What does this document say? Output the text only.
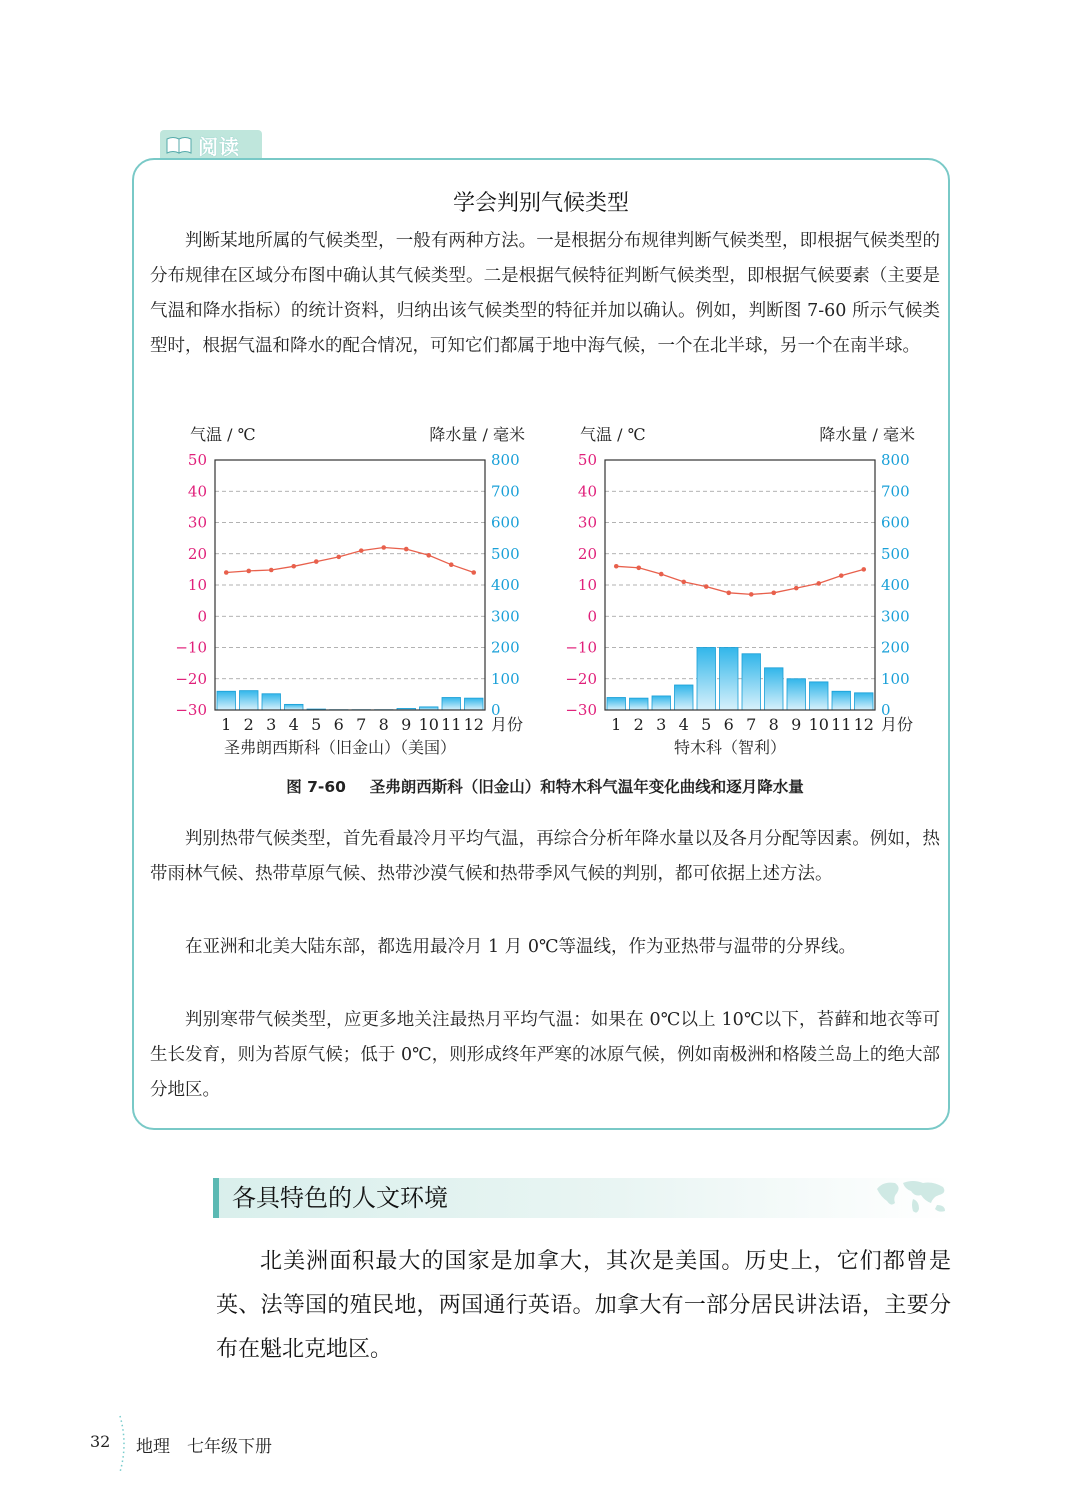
阅读
学会判别气候类型

判断某地所属的气候类型，一般有两种方法。一是根据分布规律判断气候类型，即根据气候类型的分布规律在区域分布图中确认其气候类型。二是根据气候特征判断气候类型，即根据气候要素（主要是气温和降水指标）的统计资料，归纳出该气候类型的特征并加以确认。例如，判断图 7-60 所示气候类型时，根据气温和降水的配合情况，可知它们都属于地中海气候，一个在北半球，另一个在南半球。

气温 / ℃	降水量 / 毫米
50
40
30
20
10
0
−10
−20
−30
800
700
600
500
400
300
200
100
0
1 2 3 4 5 6 7 8 9 10 11 12 月份
圣弗朗西斯科（旧金山）（美国）
气温 / ℃	降水量 / 毫米
50
40
30
20
10
0
−10
−20
−30
800
700
600
500
400
300
200
100
0
1 2 3 4 5 6 7 8 9 10 11 12 月份
特木科（智利）
图 7-60 圣弗朗西斯科（旧金山）和特木科气温年变化曲线和逐月降水量

判别热带气候类型，首先看最冷月平均气温，再综合分析年降水量以及各月分配等因素。例如，热带雨林气候、热带草原气候、热带沙漠气候和热带季风气候的判别，都可依据上述方法。

在亚洲和北美大陆东部，都选用最冷月 1 月 0℃等温线，作为亚热带与温带的分界线。

判别寒带气候类型，应更多地关注最热月平均气温：如果在 0℃以上 10℃以下，苔藓和地衣等可生长发育，则为苔原气候；低于 0℃，则形成终年严寒的冰原气候，例如南极洲和格陵兰岛上的绝大部分地区。

各具特色的人文环境

北美洲面积最大的国家是加拿大，其次是美国。历史上，它们都曾是英、法等国的殖民地，两国通行英语。加拿大有一部分居民讲法语，主要分布在魁北克地区。

32 地理　七年级下册
